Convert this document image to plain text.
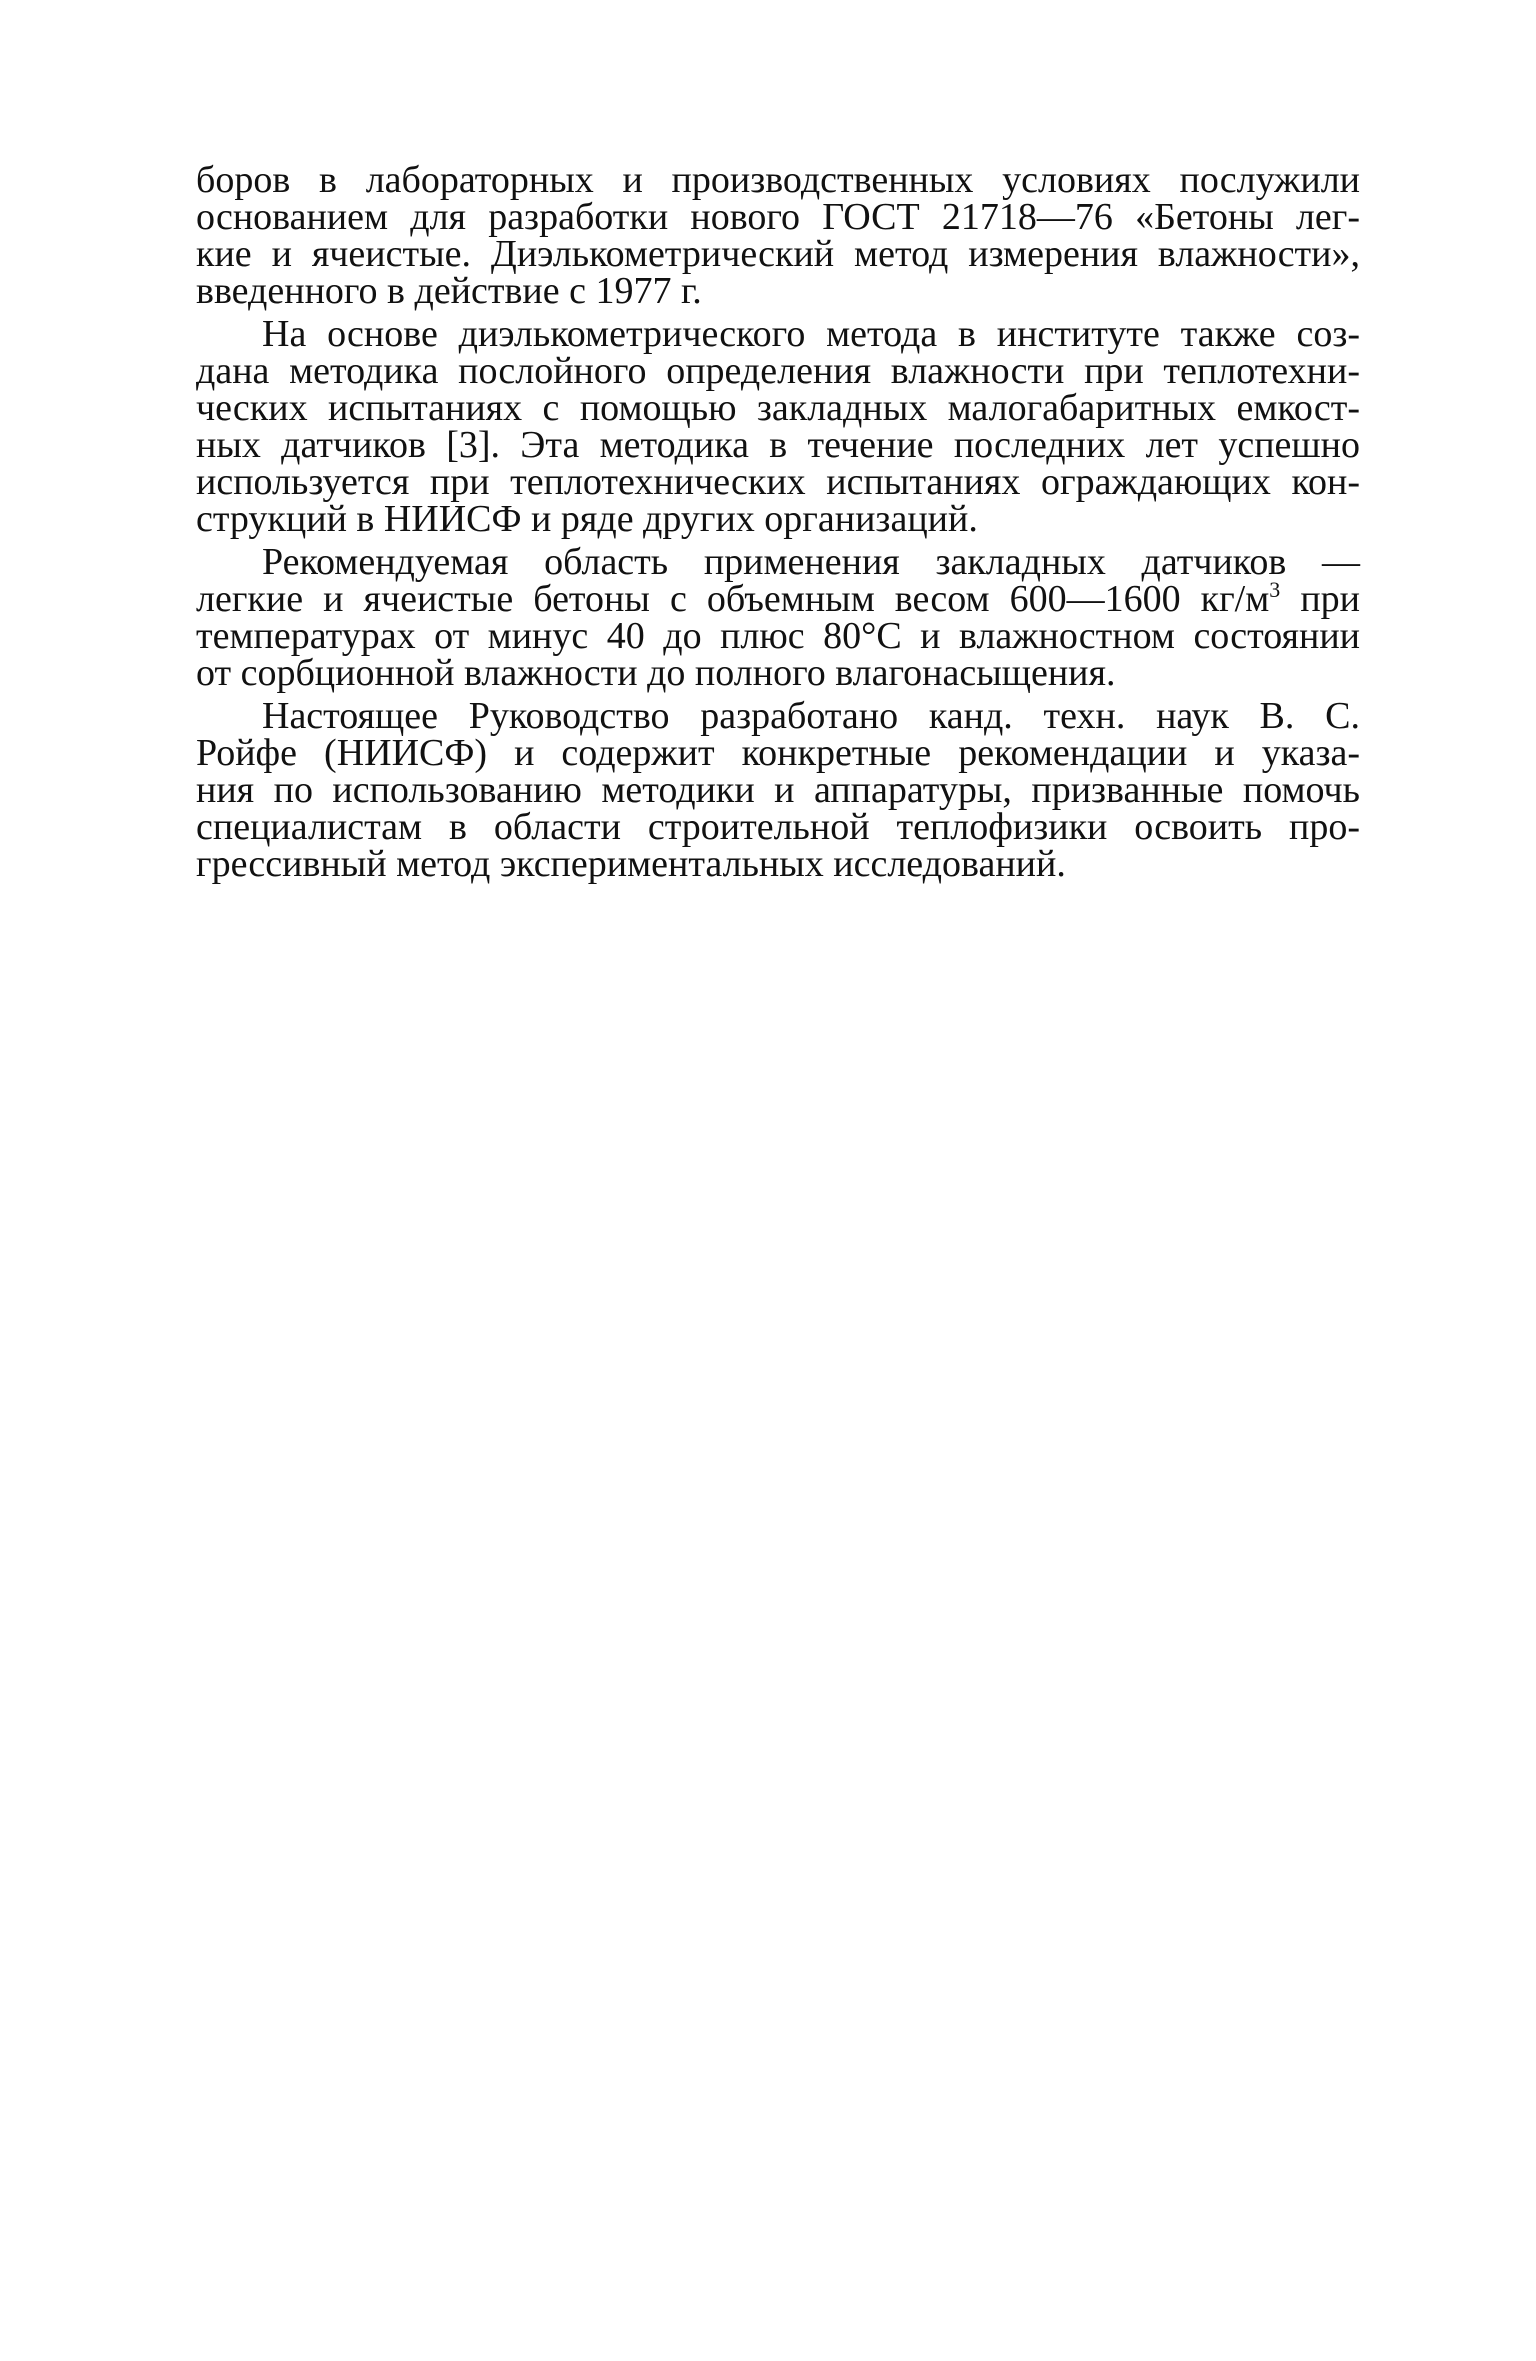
боров в лабораторных и производственных условиях послужили
основанием для разработки нового ГОСТ 21718—76 «Бетоны лег-
кие и ячеистые. Диэлькометрический метод измерения влажности»,
введенного в действие с 1977 г.
На основе диэлькометрического метода в институте также соз-
дана методика послойного определения влажности при теплотехни-
ческих испытаниях с помощью закладных малогабаритных емкост-
ных датчиков [3]. Эта методика в течение последних лет успешно
используется при теплотехнических испытаниях ограждающих кон-
струкций в НИИСФ и ряде других организаций.
Рекомендуемая область применения закладных датчиков —
легкие и ячеистые бетоны с объемным весом 600—1600 $кг/м^3$ при
температурах от минус 40 до плюс 80°С и влажностном состоянии
от сорбционной влажности до полного влагонасыщения.
Настоящее Руководство разработано канд. техн. наук В. С.
Ройфе (НИИСФ) и содержит конкретные рекомендации и указа-
ния по использованию методики и аппаратуры, призванные помочь
специалистам в области строительной теплофизики освоить про-
грессивный метод экспериментальных исследований.
